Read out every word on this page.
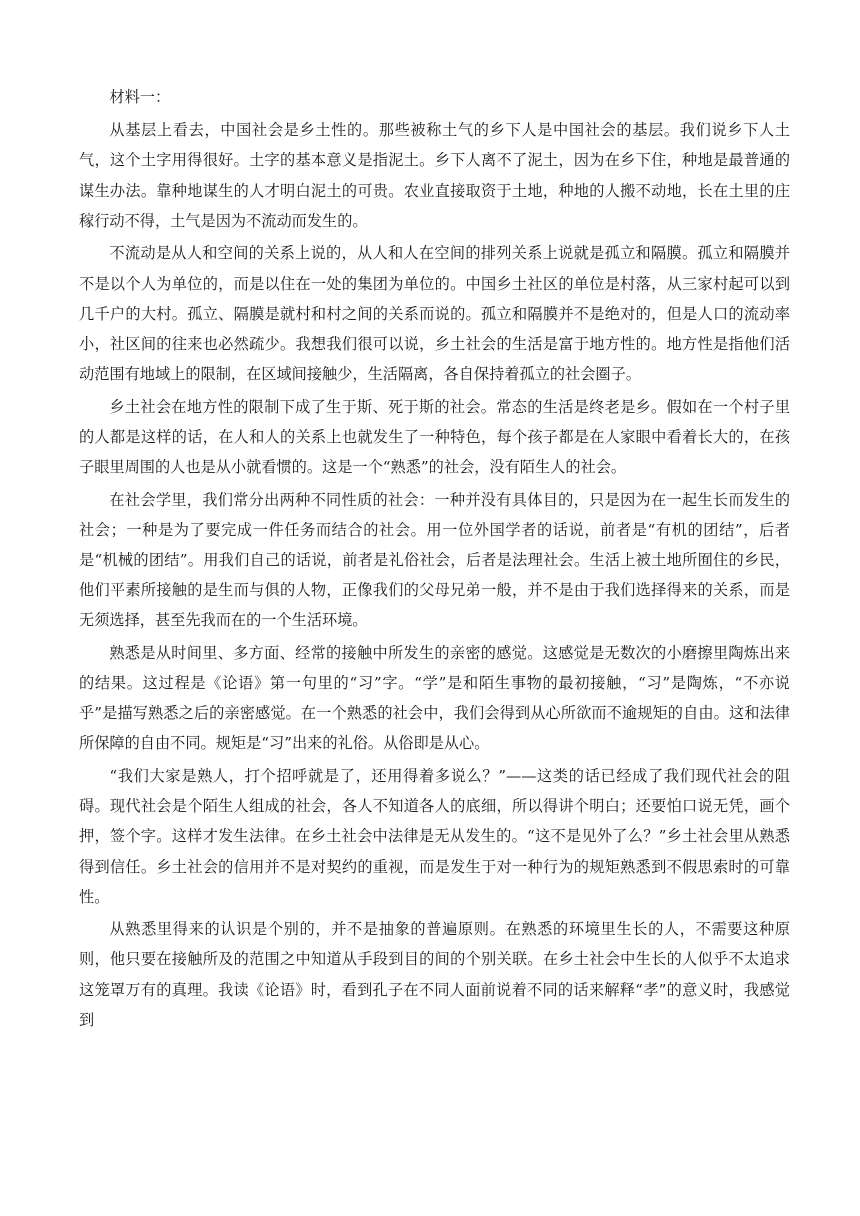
材料一：

从基层上看去，中国社会是乡土性的。那些被称土气的乡下人是中国社会的基层。我们说乡下人土气，这个土字用得很好。土字的基本意义是指泥土。乡下人离不了泥土，因为在乡下住，种地是最普通的谋生办法。靠种地谋生的人才明白泥土的可贵。农业直接取资于土地，种地的人搬不动地，长在土里的庄稼行动不得，土气是因为不流动而发生的。

不流动是从人和空间的关系上说的，从人和人在空间的排列关系上说就是孤立和隔膜。孤立和隔膜并不是以个人为单位的，而是以住在一处的集团为单位的。中国乡土社区的单位是村落，从三家村起可以到几千户的大村。孤立、隔膜是就村和村之间的关系而说的。孤立和隔膜并不是绝对的，但是人口的流动率小，社区间的往来也必然疏少。我想我们很可以说，乡土社会的生活是富于地方性的。地方性是指他们活动范围有地域上的限制，在区域间接触少，生活隔离，各自保持着孤立的社会圈子。

乡土社会在地方性的限制下成了生于斯、死于斯的社会。常态的生活是终老是乡。假如在一个村子里的人都是这样的话，在人和人的关系上也就发生了一种特色，每个孩子都是在人家眼中看着长大的，在孩子眼里周围的人也是从小就看惯的。这是一个“熟悉”的社会，没有陌生人的社会。

在社会学里，我们常分出两种不同性质的社会：一种并没有具体目的，只是因为在一起生长而发生的社会；一种是为了要完成一件任务而结合的社会。用一位外国学者的话说，前者是“有机的团结”，后者是“机械的团结”。用我们自己的话说，前者是礼俗社会，后者是法理社会。生活上被土地所囿住的乡民，他们平素所接触的是生而与俱的人物，正像我们的父母兄弟一般，并不是由于我们选择得来的关系，而是无须选择，甚至先我而在的一个生活环境。

熟悉是从时间里、多方面、经常的接触中所发生的亲密的感觉。这感觉是无数次的小磨擦里陶炼出来的结果。这过程是《论语》第一句里的“习”字。“学”是和陌生事物的最初接触，“习”是陶炼，“不亦说乎”是描写熟悉之后的亲密感觉。在一个熟悉的社会中，我们会得到从心所欲而不逾规矩的自由。这和法律所保障的自由不同。规矩是“习”出来的礼俗。从俗即是从心。

“我们大家是熟人，打个招呼就是了，还用得着多说么？”——这类的话已经成了我们现代社会的阻碍。现代社会是个陌生人组成的社会，各人不知道各人的底细，所以得讲个明白；还要怕口说无凭，画个押，签个字。这样才发生法律。在乡土社会中法律是无从发生的。“这不是见外了么？”乡土社会里从熟悉得到信任。乡土社会的信用并不是对契约的重视，而是发生于对一种行为的规矩熟悉到不假思索时的可靠性。

从熟悉里得来的认识是个别的，并不是抽象的普遍原则。在熟悉的环境里生长的人，不需要这种原则，他只要在接触所及的范围之中知道从手段到目的间的个别关联。在乡土社会中生长的人似乎不太追求这笼罩万有的真理。我读《论语》时，看到孔子在不同人面前说着不同的话来解释“孝”的意义时，我感觉到
